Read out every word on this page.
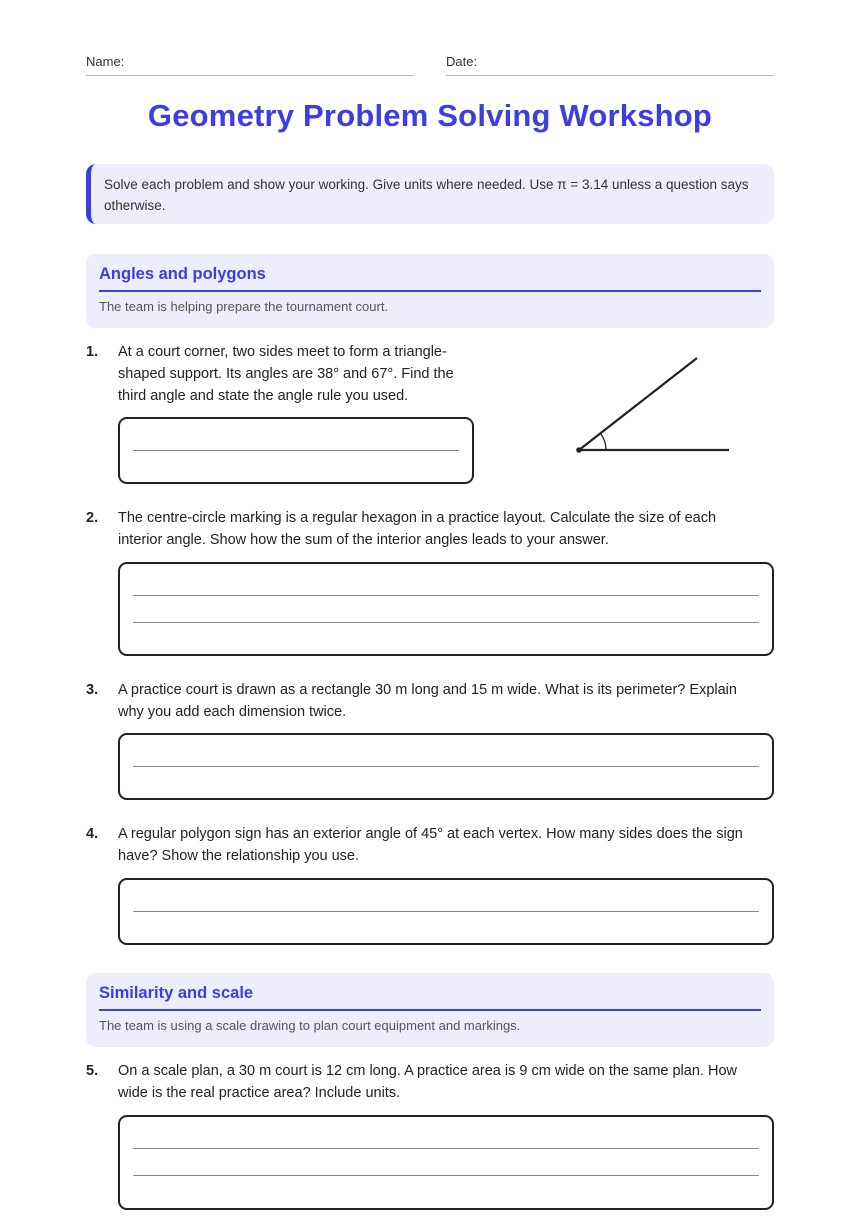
Name:	Date:
Geometry Problem Solving Workshop
Solve each problem and show your working. Give units where needed. Use π = 3.14 unless a question says otherwise.
Angles and polygons
The team is helping prepare the tournament court.
1. At a court corner, two sides meet to form a triangle-
shaped support. Its angles are 38° and 67°. Find the
third angle and state the angle rule you used.
2. The centre-circle marking is a regular hexagon in a practice layout. Calculate the size of each
interior angle. Show how the sum of the interior angles leads to your answer.
3. A practice court is drawn as a rectangle 30 m long and 15 m wide. What is its perimeter? Explain
why you add each dimension twice.
4. A regular polygon sign has an exterior angle of 45° at each vertex. How many sides does the sign
have? Show the relationship you use.
Similarity and scale
The team is using a scale drawing to plan court equipment and markings.
5. On a scale plan, a 30 m court is 12 cm long. A practice area is 9 cm wide on the same plan. How
wide is the real practice area? Include units.
